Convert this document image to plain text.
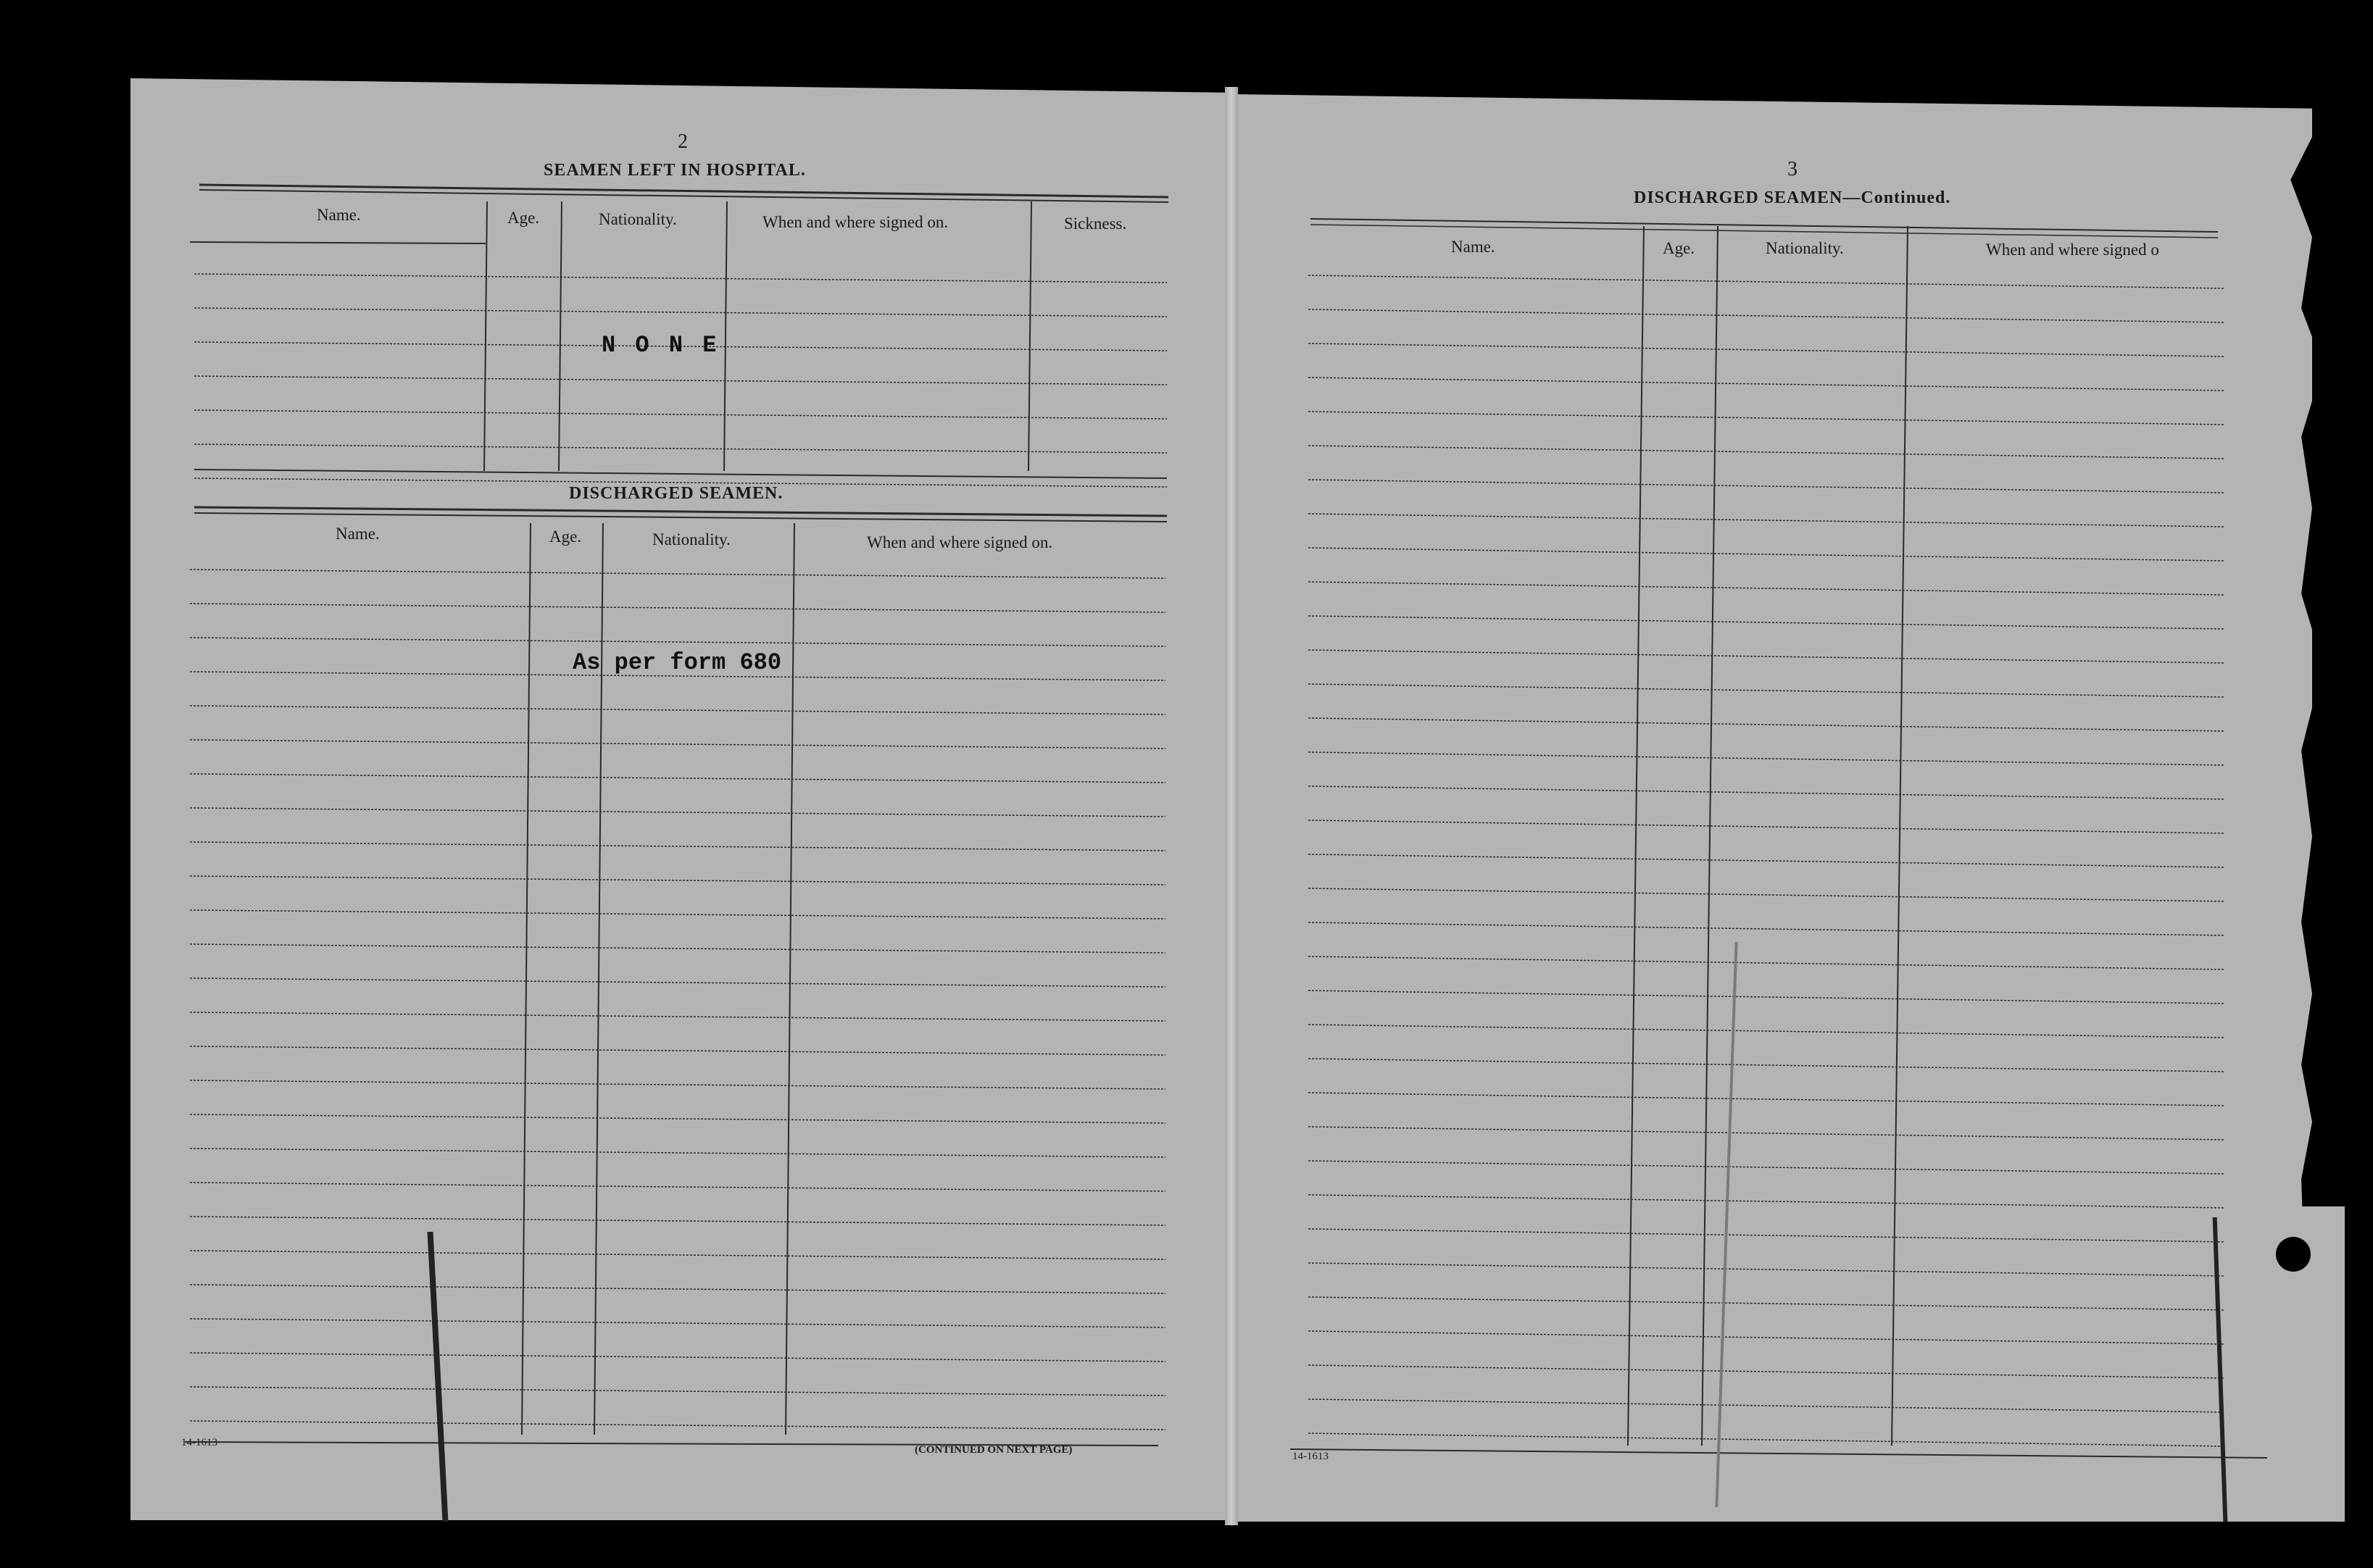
2
SEAMEN LEFT IN HOSPITAL.
Name.	Age.	Nationality.	When and where signed on.	Sickness.
N O N E
DISCHARGED SEAMEN.
Name.	Age.	Nationality.	When and where signed on.
As per form 680
14-1613
(CONTINUED ON NEXT PAGE)
3
DISCHARGED SEAMEN—Continued.
Name.	Age.	Nationality.	When and where signed o
14-1613
